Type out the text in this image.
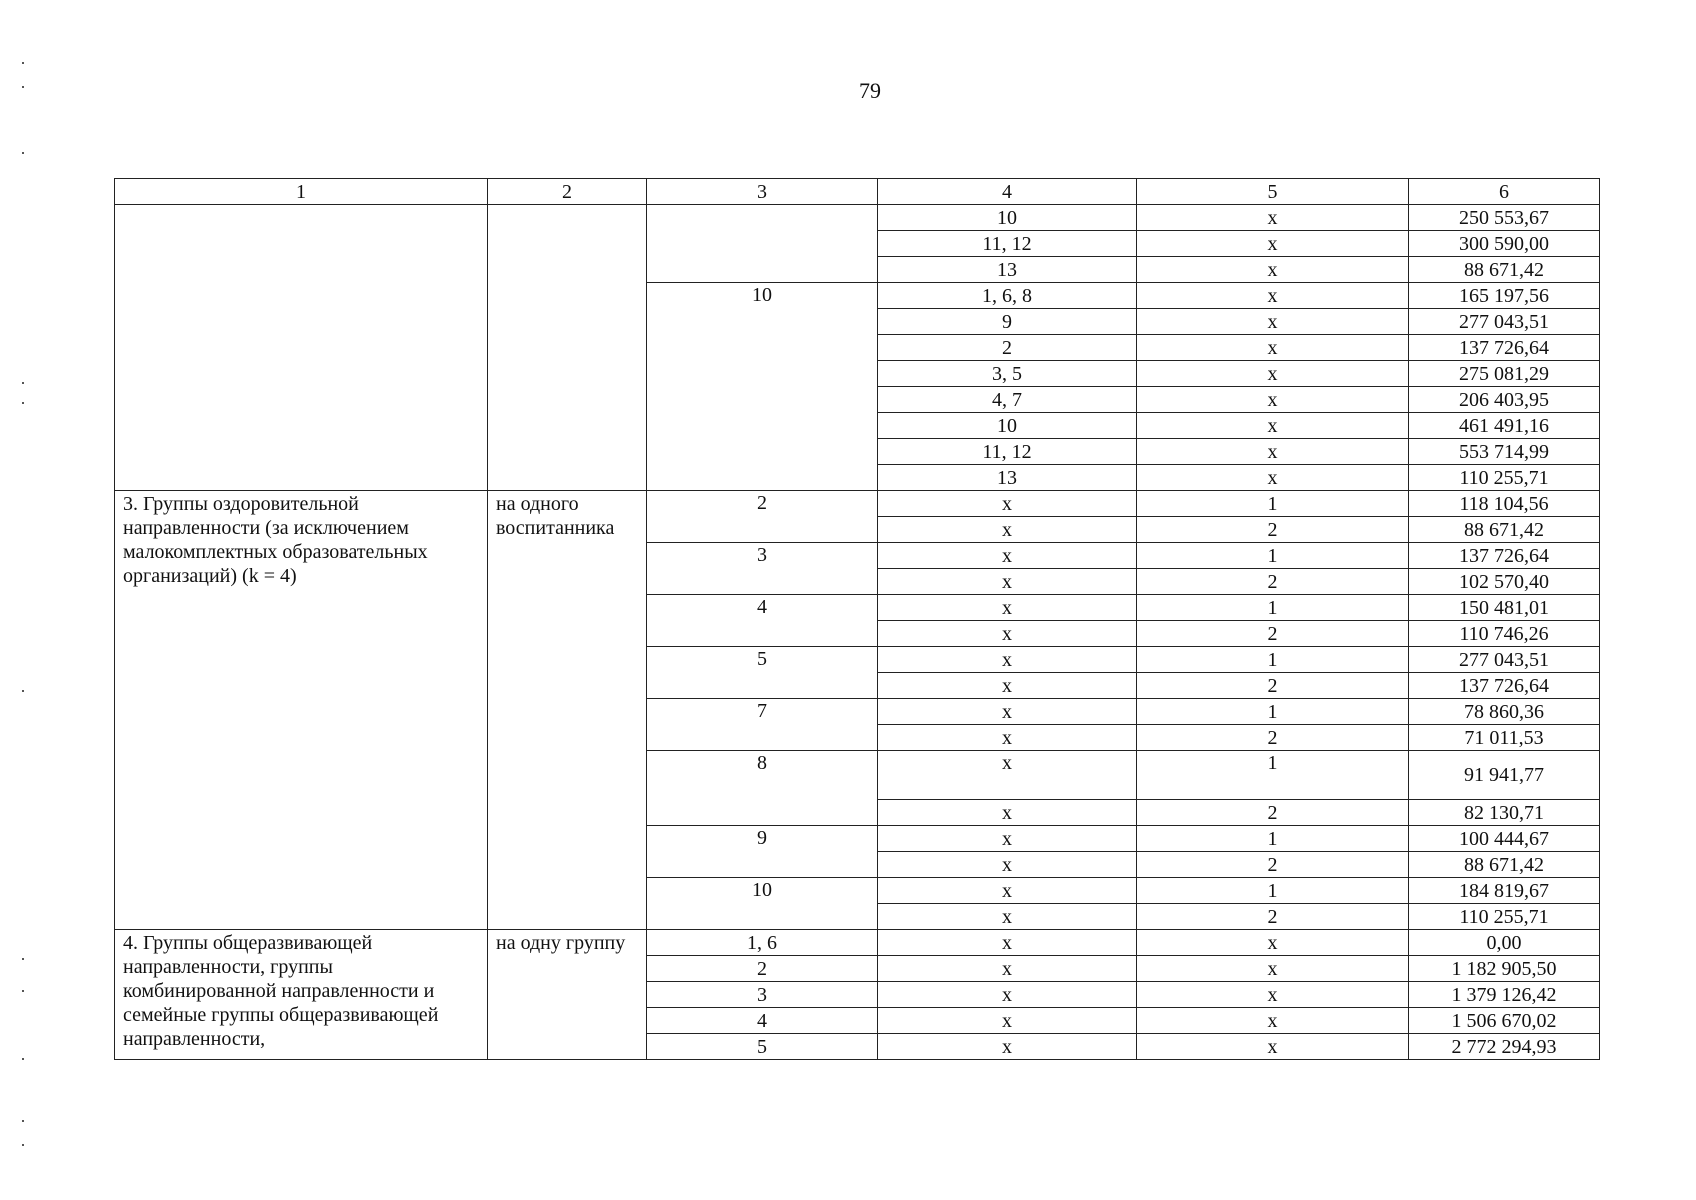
79
1	2	3	4	5	6
			10	x	250 553,67
			11, 12	x	300 590,00
			13	x	88 671,42
		10	1, 6, 8	x	165 197,56
			9	x	277 043,51
			2	x	137 726,64
			3, 5	x	275 081,29
			4, 7	x	206 403,95
			10	x	461 491,16
			11, 12	x	553 714,99
			13	x	110 255,71
3. Группы оздоровительной направленности (за исключением малокомплектных образовательных организаций) (k = 4)	на одного воспитанника	2	x	1	118 104,56
			x	2	88 671,42
		3	x	1	137 726,64
			x	2	102 570,40
		4	x	1	150 481,01
			x	2	110 746,26
		5	x	1	277 043,51
			x	2	137 726,64
		7	x	1	78 860,36
			x	2	71 011,53
		8	x	1	91 941,77
			x	2	82 130,71
		9	x	1	100 444,67
			x	2	88 671,42
		10	x	1	184 819,67
			x	2	110 255,71
4. Группы общеразвивающей направленности, группы комбинированной направленности и семейные группы общеразвивающей направленности,	на одну группу	1, 6	x	x	0,00
		2	x	x	1 182 905,50
		3	x	x	1 379 126,42
		4	x	x	1 506 670,02
		5	x	x	2 772 294,93
